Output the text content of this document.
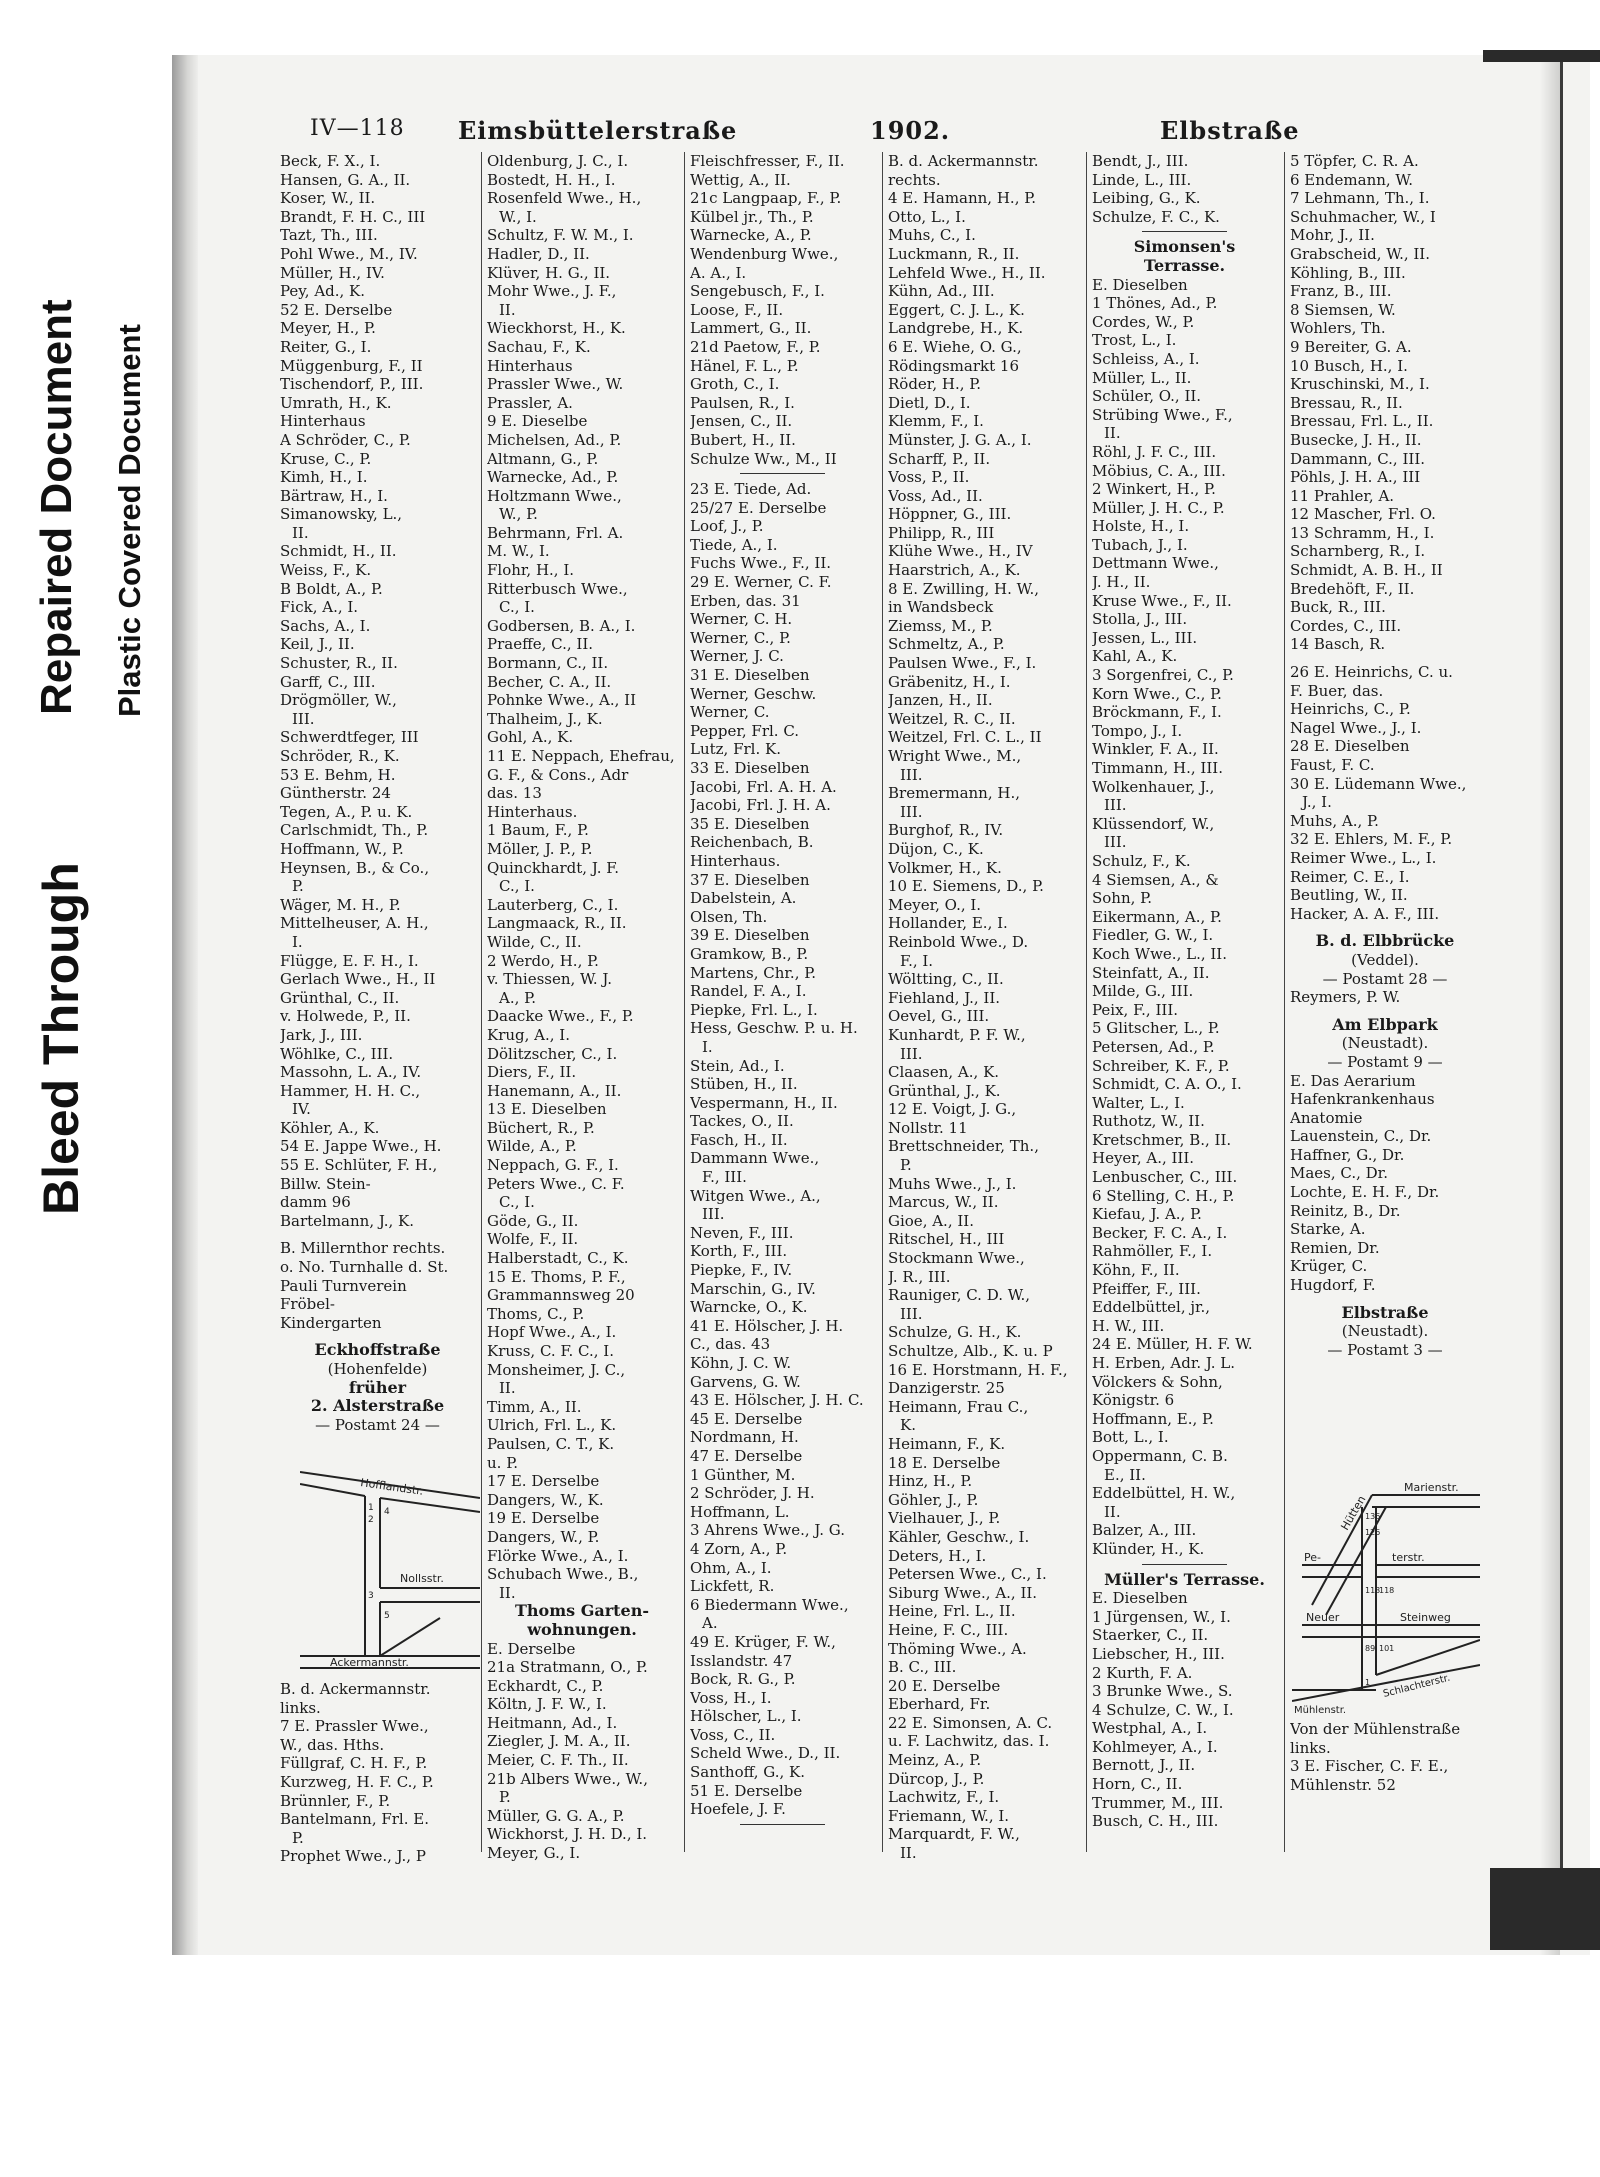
Bleed Through
Repaired Document Plastic Covered Document
IV—118 Eimsbüttelerstraße	1902.	Elbstraße
Beck, F. X., I.
Hansen, G. A., II.
Koser, W., II.
Brandt, F. H. C., III
Tazt, Th., III.
Pohl Wwe., M., IV.
Müller, H., IV.
Pey, Ad., K.
52 E. Derselbe
Meyer, H., P.
Reiter, G., I.
Müggenburg, F., II
Tischendorf, P., III.
Umrath, H., K.
Hinterhaus
A Schröder, C., P.
Kruse, C., P.
Kimh, H., I.
Bärtraw, H., I.
Simanowsky, L.,
II.
Schmidt, H., II.
Weiss, F., K.
B Boldt, A., P.
Fick, A., I.
Sachs, A., I.
Keil, J., II.
Schuster, R., II.
Garff, C., III.
Drögmöller, W.,
III.
Schwerdtfeger, III
Schröder, R., K.
53 E. Behm, H.
Güntherstr. 24
Tegen, A., P. u. K.
Carlschmidt, Th., P.
Hoffmann, W., P.
Heynsen, B., & Co.,
P.
Wäger, M. H., P.
Mittelheuser, A. H.,
I.
Flügge, E. F. H., I.
Gerlach Wwe., H., II
Grünthal, C., II.
v. Holwede, P., II.
Jark, J., III.
Wöhlke, C., III.
Massohn, L. A., IV.
Hammer, H. H. C.,
IV.
Köhler, A., K.
54 E. Jappe Wwe., H.
55 E. Schlüter, F. H.,
Billw. Stein-
damm 96
Bartelmann, J., K.
B. Millernthor rechts.
o. No. Turnhalle d. St.
Pauli Turnverein
Fröbel-
Kindergarten
Eckhoffstraße
(Hohenfelde)
früher
2. Alsterstraße
— Postamt 24 —
Oldenburg, J. C., I.
Bostedt, H. H., I.
Rosenfeld Wwe., H.,
W., I.
Schultz, F. W. M., I.
Hadler, D., II.
Klüver, H. G., II.
Mohr Wwe., J. F.,
II.
Wieckhorst, H., K.
Sachau, F., K.
Hinterhaus
Prassler Wwe., W.
Prassler, A.
9 E. Dieselbe
Michelsen, Ad., P.
Altmann, G., P.
Warnecke, Ad., P.
Holtzmann Wwe.,
W., P.
Behrmann, Frl. A.
M. W., I.
Flohr, H., I.
Ritterbusch Wwe.,
C., I.
Godbersen, B. A., I.
Praeffe, C., II.
Bormann, C., II.
Becher, C. A., II.
Pohnke Wwe., A., II
Thalheim, J., K.
Gohl, A., K.
11 E. Neppach, Ehefrau,
G. F., & Cons., Adr
das. 13
Hinterhaus.
1 Baum, F., P.
Möller, J. P., P.
Quinckhardt, J. F.
C., I.
Lauterberg, C., I.
Langmaack, R., II.
Wilde, C., II.
2 Werdo, H., P.
v. Thiessen, W. J.
A., P.
Daacke Wwe., F., P.
Krug, A., I.
Dölitzscher, C., I.
Diers, F., II.
Hanemann, A., II.
13 E. Dieselben
Büchert, R., P.
Wilde, A., P.
Neppach, G. F., I.
Peters Wwe., C. F.
C., I.
Göde, G., II.
Wolfe, F., II.
Halberstadt, C., K.
15 E. Thoms, P. F.,
Grammannsweg 20
Thoms, C., P.
Hopf Wwe., A., I.
Kruss, C. F. C., I.
Monsheimer, J. C.,
II.
Timm, A., II.
Ulrich, Frl. L., K.
Paulsen, C. T., K.
u. P.
17 E. Derselbe
Dangers, W., K.
19 E. Derselbe
Dangers, W., P.
Flörke Wwe., A., I.
Schubach Wwe., B.,
II.
Thoms Garten-
wohnungen.
E. Derselbe
21a Stratmann, O., P.
Eckhardt, C., P.
Költn, J. F. W., I.
Heitmann, Ad., I.
Ziegler, J. M. A., II.
Meier, C. F. Th., II.
21b Albers Wwe., W.,
P.
Müller, G. G. A., P.
Wickhorst, J. H. D., I.
Meyer, G., I.
Fleischfresser, F., II.
Wettig, A., II.
21c Langpaap, F., P.
Külbel jr., Th., P.
Warnecke, A., P.
Wendenburg Wwe.,
A. A., I.
Sengebusch, F., I.
Loose, F., II.
Lammert, G., II.
21d Paetow, F., P.
Hänel, F. L., P.
Groth, C., I.
Paulsen, R., I.
Jensen, C., II.
Bubert, H., II.
Schulze Ww., M., II
23 E. Tiede, Ad.
25/27 E. Derselbe
Loof, J., P.
Tiede, A., I.
Fuchs Wwe., F., II.
29 E. Werner, C. F.
Erben, das. 31
Werner, C. H.
Werner, C., P.
Werner, J. C.
31 E. Dieselben
Werner, Geschw.
Werner, C.
Pepper, Frl. C.
Lutz, Frl. K.
33 E. Dieselben
Jacobi, Frl. A. H. A.
Jacobi, Frl. J. H. A.
35 E. Dieselben
Reichenbach, B.
Hinterhaus.
37 E. Dieselben
Dabelstein, A.
Olsen, Th.
39 E. Dieselben
Gramkow, B., P.
Martens, Chr., P.
Randel, F. A., I.
Piepke, Frl. L., I.
Hess, Geschw. P. u. H.
I.
Stein, Ad., I.
Stüben, H., II.
Vespermann, H., II.
Tackes, O., II.
Fasch, H., II.
Dammann Wwe.,
F., III.
Witgen Wwe., A.,
III.
Neven, F., III.
Korth, F., III.
Piepke, F., IV.
Marschin, G., IV.
Warncke, O., K.
41 E. Hölscher, J. H.
C., das. 43
Köhn, J. C. W.
Garvens, G. W.
43 E. Hölscher, J. H. C.
45 E. Derselbe
Nordmann, H.
47 E. Derselbe
1 Günther, M.
2 Schröder, J. H.
Hoffmann, L.
3 Ahrens Wwe., J. G.
4 Zorn, A., P.
Ohm, A., I.
Lickfett, R.
6 Biedermann Wwe.,
A.
49 E. Krüger, F. W.,
Isslandstr. 47
Bock, R. G., P.
Voss, H., I.
Hölscher, L., I.
Voss, C., II.
Scheld Wwe., D., II.
Santhoff, G., K.
51 E. Derselbe
Hoefele, J. F.
B. d. Ackermannstr.
rechts.
4 E. Hamann, H., P.
Otto, L., I.
Muhs, C., I.
Luckmann, R., II.
Lehfeld Wwe., H., II.
Kühn, Ad., III.
Eggert, C. J. L., K.
Landgrebe, H., K.
6 E. Wiehe, O. G.,
Rödingsmarkt 16
Röder, H., P.
Dietl, D., I.
Klemm, F., I.
Münster, J. G. A., I.
Scharff, P., II.
Voss, P., II.
Voss, Ad., II.
Höppner, G., III.
Philipp, R., III
Klühe Wwe., H., IV
Haarstrich, A., K.
8 E. Zwilling, H. W.,
in Wandsbeck
Ziemss, M., P.
Schmeltz, A., P.
Paulsen Wwe., F., I.
Gräbenitz, H., I.
Janzen, H., II.
Weitzel, R. C., II.
Weitzel, Frl. C. L., II
Wright Wwe., M.,
III.
Bremermann, H.,
III.
Burghof, R., IV.
Düjon, C., K.
Volkmer, H., K.
10 E. Siemens, D., P.
Meyer, O., I.
Hollander, E., I.
Reinbold Wwe., D.
F., I.
Wöltting, C., II.
Fiehland, J., II.
Oevel, G., III.
Kunhardt, P. F. W.,
III.
Claasen, A., K.
Grünthal, J., K.
12 E. Voigt, J. G.,
Nollstr. 11
Brettschneider, Th.,
P.
Muhs Wwe., J., I.
Marcus, W., II.
Gioe, A., II.
Ritschel, H., III
Stockmann Wwe.,
J. R., III.
Rauniger, C. D. W.,
III.
Schulze, G. H., K.
Schultze, Alb., K. u. P
16 E. Horstmann, H. F.,
Danzigerstr. 25
Heimann, Frau C.,
K.
Heimann, F., K.
18 E. Derselbe
Hinz, H., P.
Göhler, J., P.
Vielhauer, J., P.
Kähler, Geschw., I.
Deters, H., I.
Petersen Wwe., C., I.
Siburg Wwe., A., II.
Heine, Frl. L., II.
Heine, F. C., III.
Thöming Wwe., A.
B. C., III.
20 E. Derselbe
Eberhard, Fr.
22 E. Simonsen, A. C.
u. F. Lachwitz, das. I.
Meinz, A., P.
Dürcop, J., P.
Lachwitz, F., I.
Friemann, W., I.
Marquardt, F. W.,
II.
Bendt, J., III.
Linde, L., III.
Leibing, G., K.
Schulze, F. C., K.
Simonsen's
Terrasse.
E. Dieselben
1 Thönes, Ad., P.
Cordes, W., P.
Trost, L., I.
Schleiss, A., I.
Müller, L., II.
Schüler, O., II.
Strübing Wwe., F.,
II.
Röhl, J. F. C., III.
Möbius, C. A., III.
2 Winkert, H., P.
Müller, J. H. C., P.
Holste, H., I.
Tubach, J., I.
Dettmann Wwe.,
J. H., II.
Kruse Wwe., F., II.
Stolla, J., III.
Jessen, L., III.
Kahl, A., K.
3 Sorgenfrei, C., P.
Korn Wwe., C., P.
Bröckmann, F., I.
Tompo, J., I.
Winkler, F. A., II.
Timmann, H., III.
Wolkenhauer, J.,
III.
Klüssendorf, W.,
III.
Schulz, F., K.
4 Siemsen, A., &
Sohn, P.
Eikermann, A., P.
Fiedler, G. W., I.
Koch Wwe., L., II.
Steinfatt, A., II.
Milde, G., III.
Peix, F., III.
5 Glitscher, L., P.
Petersen, Ad., P.
Schreiber, K. F., P.
Schmidt, C. A. O., I.
Walter, L., I.
Ruthotz, W., II.
Kretschmer, B., II.
Heyer, A., III.
Lenbuscher, C., III.
6 Stelling, C. H., P.
Kiefau, J. A., P.
Becker, F. C. A., I.
Rahmöller, F., I.
Köhn, F., II.
Pfeiffer, F., III.
Eddelbüttel, jr.,
H. W., III.
24 E. Müller, H. F. W.
H. Erben, Adr. J. L.
Völckers & Sohn,
Königstr. 6
Hoffmann, E., P.
Bott, L., I.
Oppermann, C. B.
E., II.
Eddelbüttel, H. W.,
II.
Balzer, A., III.
Klünder, H., K.
Müller's Terrasse.
E. Dieselben
1 Jürgensen, W., I.
Staerker, C., II.
Liebscher, H., III.
2 Kurth, F. A.
3 Brunke Wwe., S.
4 Schulze, C. W., I.
Westphal, A., I.
Kohlmeyer, A., I.
Bernott, J., II.
Horn, C., II.
Trummer, M., III.
Busch, C. H., III.
5 Töpfer, C. R. A.
6 Endemann, W.
7 Lehmann, Th., I.
Schuhmacher, W., I
Mohr, J., II.
Grabscheid, W., II.
Köhling, B., III.
Franz, B., III.
8 Siemsen, W.
Wohlers, Th.
9 Bereiter, G. A.
10 Busch, H., I.
Kruschinski, M., I.
Bressau, R., II.
Bressau, Frl. L., II.
Busecke, J. H., II.
Dammann, C., III.
Pöhls, J. H. A., III
11 Prahler, A.
12 Mascher, Frl. O.
13 Schramm, H., I.
Scharnberg, R., I.
Schmidt, A. B. H., II
Bredehöft, F., II.
Buck, R., III.
Cordes, C., III.
14 Basch, R.
26 E. Heinrichs, C. u.
F. Buer, das.
Heinrichs, C., P.
Nagel Wwe., J., I.
28 E. Dieselben
Faust, F. C.
30 E. Lüdemann Wwe.,
J., I.
Muhs, A., P.
32 E. Ehlers, M. F., P.
Reimer Wwe., L., I.
Reimer, C. E., I.
Beutling, W., II.
Hacker, A. A. F., III.
B. d. Elbbrücke
(Veddel).
— Postamt 28 —
Reymers, P. W.
Am Elbpark
(Neustadt).
— Postamt 9 —
E. Das Aerarium
Hafenkrankenhaus
Anatomie
Lauenstein, C., Dr.
Haffner, G., Dr.
Maes, C., Dr.
Lochte, E. H. F., Dr.
Reinitz, B., Dr.
Starke, A.
Remien, Dr.
Krüger, C.
Hugdorf, F.
Elbstraße
(Neustadt).
— Postamt 3 —
Hofflandstr.
Nollsstr.
Ackermannstr.
1
2
4
3
5
Marienstr.
Hütten
Pe-	terstr.
Neuer	Steinweg
Mühlenstr.
Schlachterstr.
136
126
113
118
89 101
1
B. d. Ackermannstr.
links.
7 E. Prassler Wwe.,
W., das. Hths.
Füllgraf, C. H. F., P.
Kurzweg, H. F. C., P.
Brünnler, F., P.
Bantelmann, Frl. E.
P.
Prophet Wwe., J., P
Von der Mühlenstraße
links.
3 E. Fischer, C. F. E.,
Mühlenstr. 52
